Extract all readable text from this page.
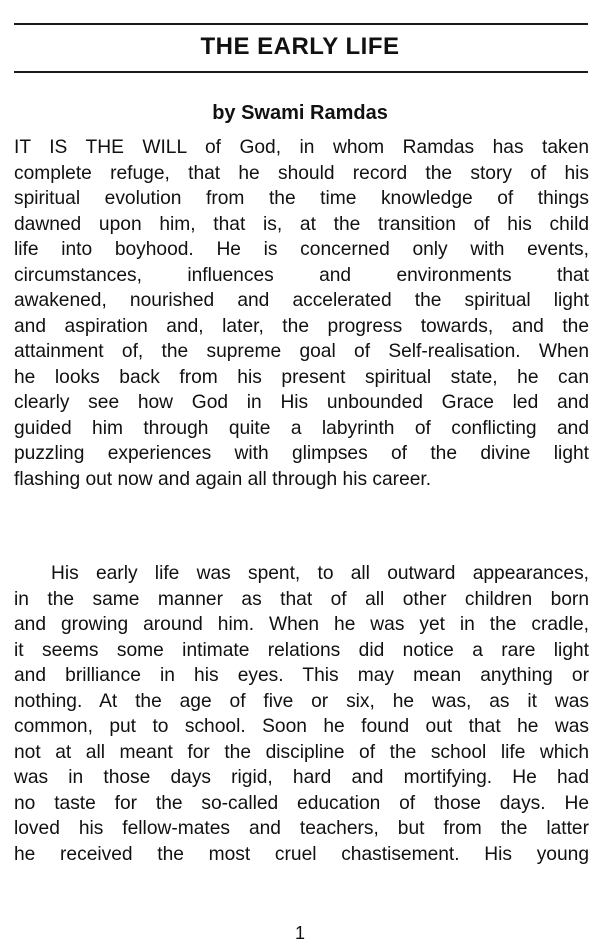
THE EARLY LIFE
by Swami Ramdas
IT IS THE WILL of God, in whom Ramdas has taken
complete refuge, that he should record the story of his
spiritual evolution from the time knowledge of things
dawned upon him, that is, at the transition of his child
life into boyhood. He is concerned only with events,
circumstances, influences and environments that
awakened, nourished and accelerated the spiritual light
and aspiration and, later, the progress towards, and the
attainment of, the supreme goal of Self-realisation. When
he looks back from his present spiritual state, he can
clearly see how God in His unbounded Grace led and
guided him through quite a labyrinth of conflicting and
puzzling experiences with glimpses of the divine light
flashing out now and again all through his career.
His early life was spent, to all outward appearances,
in the same manner as that of all other children born
and growing around him. When he was yet in the cradle,
it seems some intimate relations did notice a rare light
and brilliance in his eyes. This may mean anything or
nothing. At the age of five or six, he was, as it was
common, put to school. Soon he found out that he was
not at all meant for the discipline of the school life which
was in those days rigid, hard and mortifying. He had
no taste for the so-called education of those days. He
loved his fellow-mates and teachers, but from the latter
he received the most cruel chastisement. His young
1
